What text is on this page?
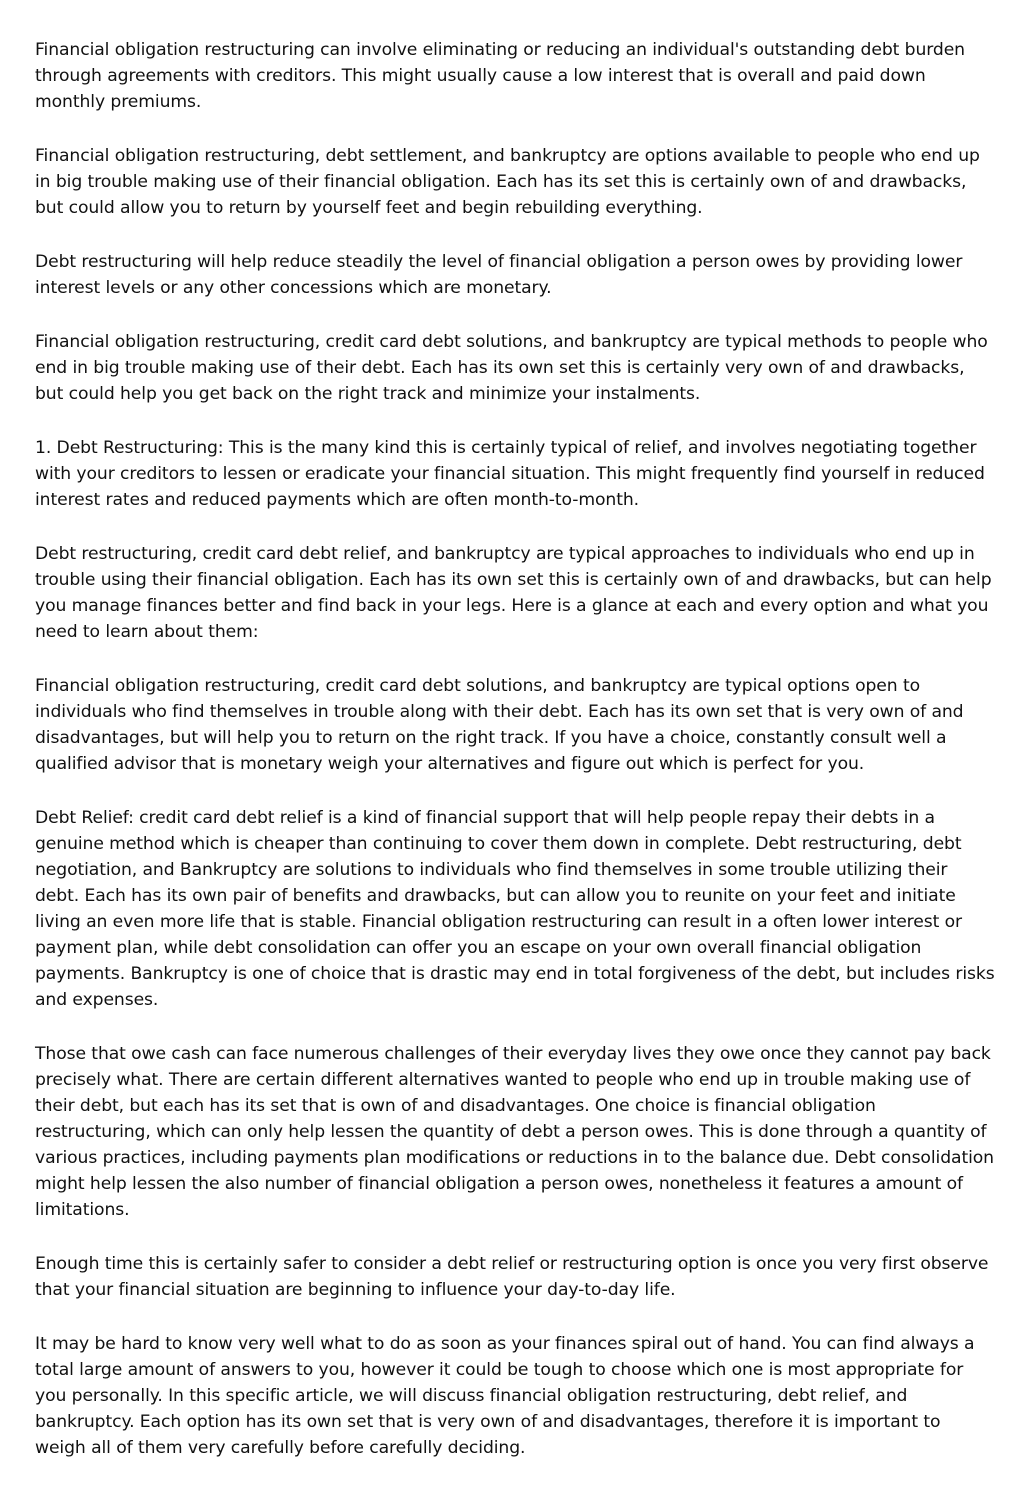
Financial obligation restructuring can involve eliminating or reducing an individual's outstanding debt burden through agreements with creditors. This might usually cause a low interest that is overall and paid down monthly premiums.

Financial obligation restructuring, debt settlement, and bankruptcy are options available to people who end up in big trouble making use of their financial obligation. Each has its set this is certainly own of and drawbacks, but could allow you to return by yourself feet and begin rebuilding everything.

Debt restructuring will help reduce steadily the level of financial obligation a person owes by providing lower interest levels or any other concessions which are monetary.

Financial obligation restructuring, credit card debt solutions, and bankruptcy are typical methods to people who end in big trouble making use of their debt. Each has its own set this is certainly very own of and drawbacks, but could help you get back on the right track and minimize your instalments.

1. Debt Restructuring: This is the many kind this is certainly typical of relief, and involves negotiating together with your creditors to lessen or eradicate your financial situation. This might frequently find yourself in reduced interest rates and reduced payments which are often month-to-month.

Debt restructuring, credit card debt relief, and bankruptcy are typical approaches to individuals who end up in trouble using their financial obligation. Each has its own set this is certainly own of and drawbacks, but can help you manage finances better and find back in your legs. Here is a glance at each and every option and what you need to learn about them:

Financial obligation restructuring, credit card debt solutions, and bankruptcy are typical options open to individuals who find themselves in trouble along with their debt. Each has its own set that is very own of and disadvantages, but will help you to return on the right track. If you have a choice, constantly consult well a qualified advisor that is monetary weigh your alternatives and figure out which is perfect for you.

Debt Relief: credit card debt relief is a kind of financial support that will help people repay their debts in a genuine method which is cheaper than continuing to cover them down in complete. Debt restructuring, debt negotiation, and Bankruptcy are solutions to individuals who find themselves in some trouble utilizing their debt. Each has its own pair of benefits and drawbacks, but can allow you to reunite on your feet and initiate living an even more life that is stable. Financial obligation restructuring can result in a often lower interest or payment plan, while debt consolidation can offer you an escape on your own overall financial obligation payments. Bankruptcy is one of choice that is drastic may end in total forgiveness of the debt, but includes risks and expenses.

Those that owe cash can face numerous challenges of their everyday lives they owe once they cannot pay back precisely what. There are certain different alternatives wanted to people who end up in trouble making use of their debt, but each has its set that is own of and disadvantages. One choice is financial obligation restructuring, which can only help lessen the quantity of debt a person owes. This is done through a quantity of various practices, including payments plan modifications or reductions in to the balance due. Debt consolidation might help lessen the also number of financial obligation a person owes, nonetheless it features a amount of limitations.

Enough time this is certainly safer to consider a debt relief or restructuring option is once you very first observe that your financial situation are beginning to influence your day-to-day life.

It may be hard to know very well what to do as soon as your finances spiral out of hand. You can find always a total large amount of answers to you, however it could be tough to choose which one is most appropriate for you personally. In this specific article, we will discuss financial obligation restructuring, debt relief, and bankruptcy. Each option has its own set that is very own of and disadvantages, therefore it is important to weigh all of them very carefully before carefully deciding.
